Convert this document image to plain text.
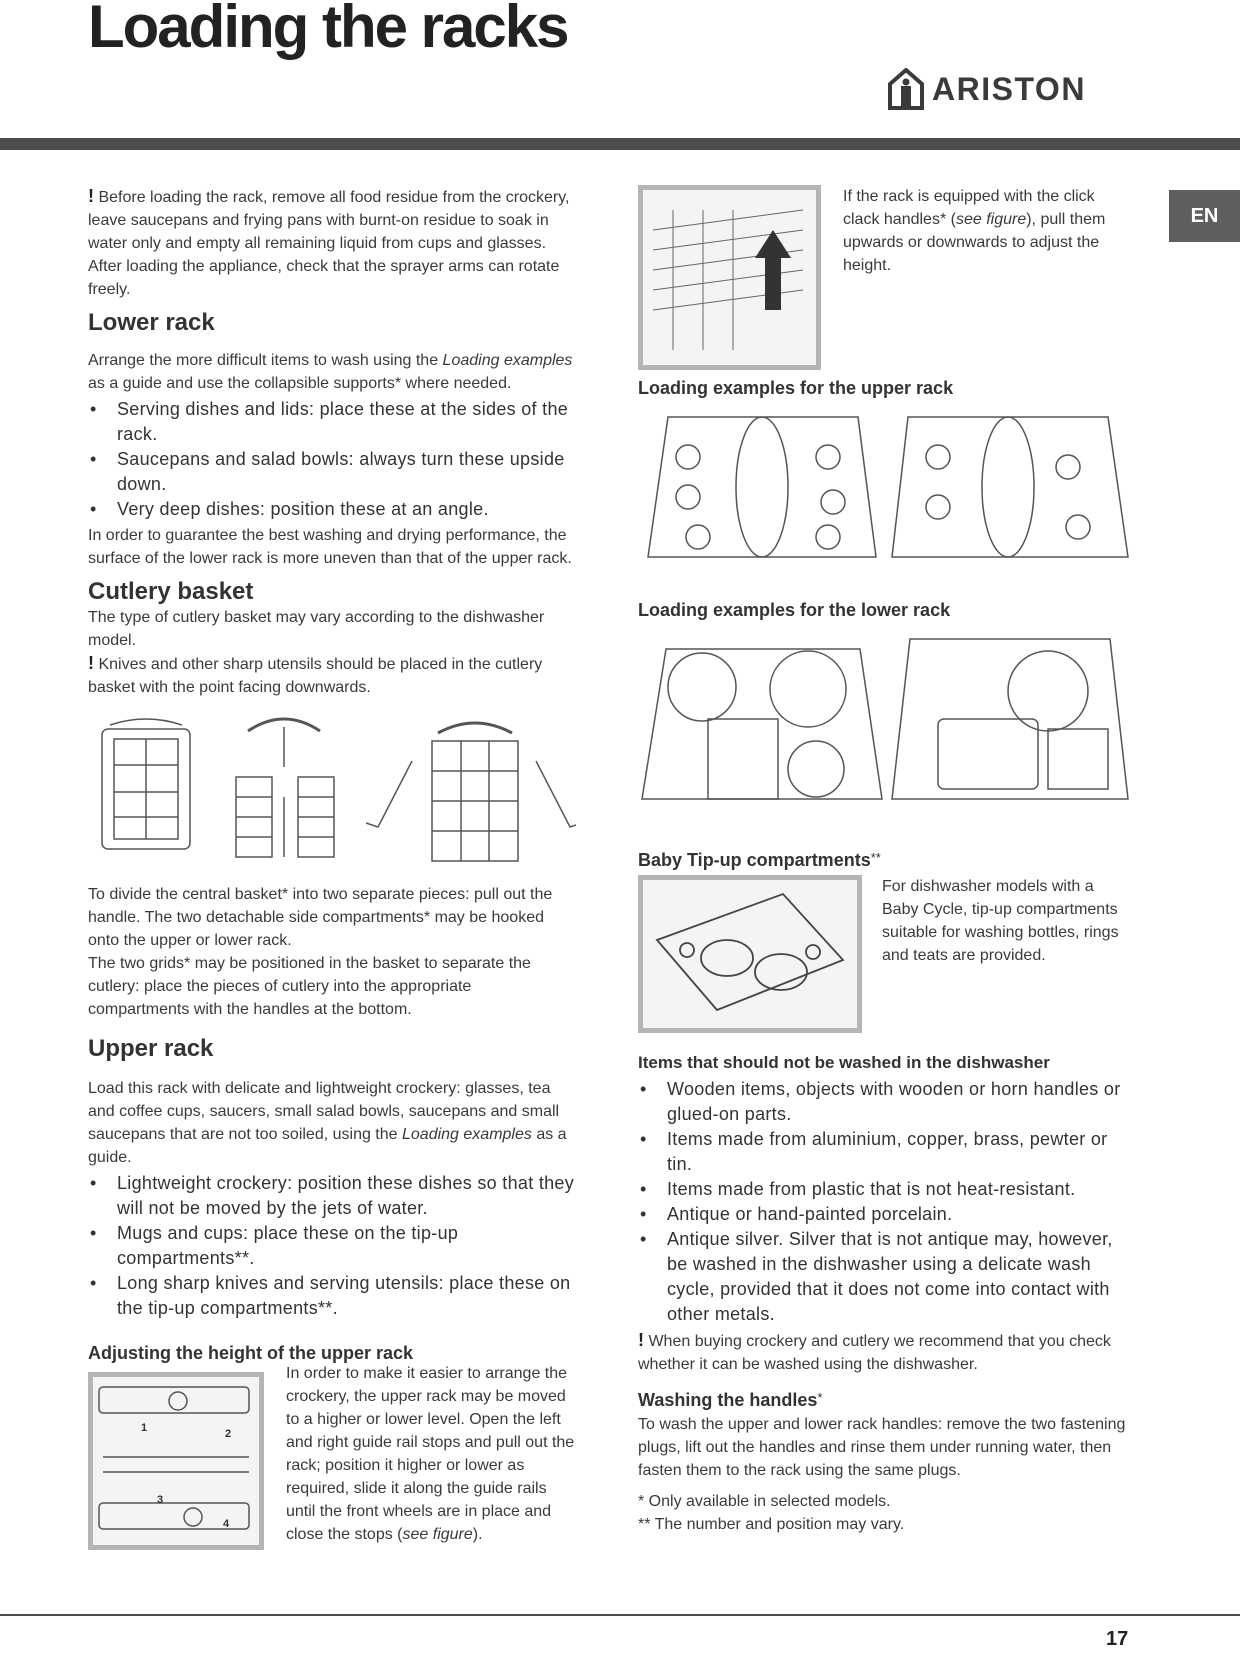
Loading the racks
ARISTON
EN

! Before loading the rack, remove all food residue from the crockery, leave saucepans and frying pans with burnt-on residue to soak in water only and empty all remaining liquid from cups and glasses. After loading the appliance, check that the sprayer arms can rotate freely.

Lower rack

Arrange the more difficult items to wash using the Loading examples as a guide and use the collapsible supports* where needed.

• Serving dishes and lids: place these at the sides of the rack.
• Saucepans and salad bowls: always turn these upside down.
• Very deep dishes: position these at an angle.

In order to guarantee the best washing and drying performance, the surface of the lower rack is more uneven than that of the upper rack.

Cutlery basket

The type of cutlery basket may vary according to the dishwasher model.

! Knives and other sharp utensils should be placed in the cutlery basket with the point facing downwards.

To divide the central basket* into two separate pieces: pull out the handle. The two detachable side compartments* may be hooked onto the upper or lower rack.

The two grids* may be positioned in the basket to separate the cutlery: place the pieces of cutlery into the appropriate compartments with the handles at the bottom.

Upper rack

Load this rack with delicate and lightweight crockery: glasses, tea and coffee cups, saucers, small salad bowls, saucepans and small saucepans that are not too soiled, using the Loading examples as a guide.

• Lightweight crockery: position these dishes so that they will not be moved by the jets of water.
• Mugs and cups: place these on the tip-up compartments**.
• Long sharp knives and serving utensils: place these on the tip-up compartments**.
Adjusting the height of the upper rack
1	2
3
4

In order to make it easier to arrange the crockery, the upper rack may be moved to a higher or lower level. Open the left and right guide rail stops and pull out the rack; position it higher or lower as required, slide it along the guide rails until the front wheels are in place and close the stops (see figure).

If the rack is equipped with the click clack handles* (see figure), pull them upwards or downwards to adjust the height.

Loading examples for the upper rack
Loading examples for the lower rack
Baby Tip-up compartments**

For dishwasher models with a Baby Cycle, tip-up compartments suitable for washing bottles, rings and teats are provided.

Items that should not be washed in the dishwasher
• Wooden items, objects with wooden or horn handles or glued-on parts.
• Items made from aluminium, copper, brass, pewter or tin.
• Items made from plastic that is not heat-resistant.
• Antique or hand-painted porcelain.
• Antique silver. Silver that is not antique may, however, be washed in the dishwasher using a delicate wash cycle, provided that it does not come into contact with other metals.

! When buying crockery and cutlery we recommend that you check whether it can be washed using the dishwasher.

Washing the handles*

To wash the upper and lower rack handles: remove the two fastening plugs, lift out the handles and rinse them under running water, then fasten them to the rack using the same plugs.

* Only available in selected models.

** The number and position may vary.

17
